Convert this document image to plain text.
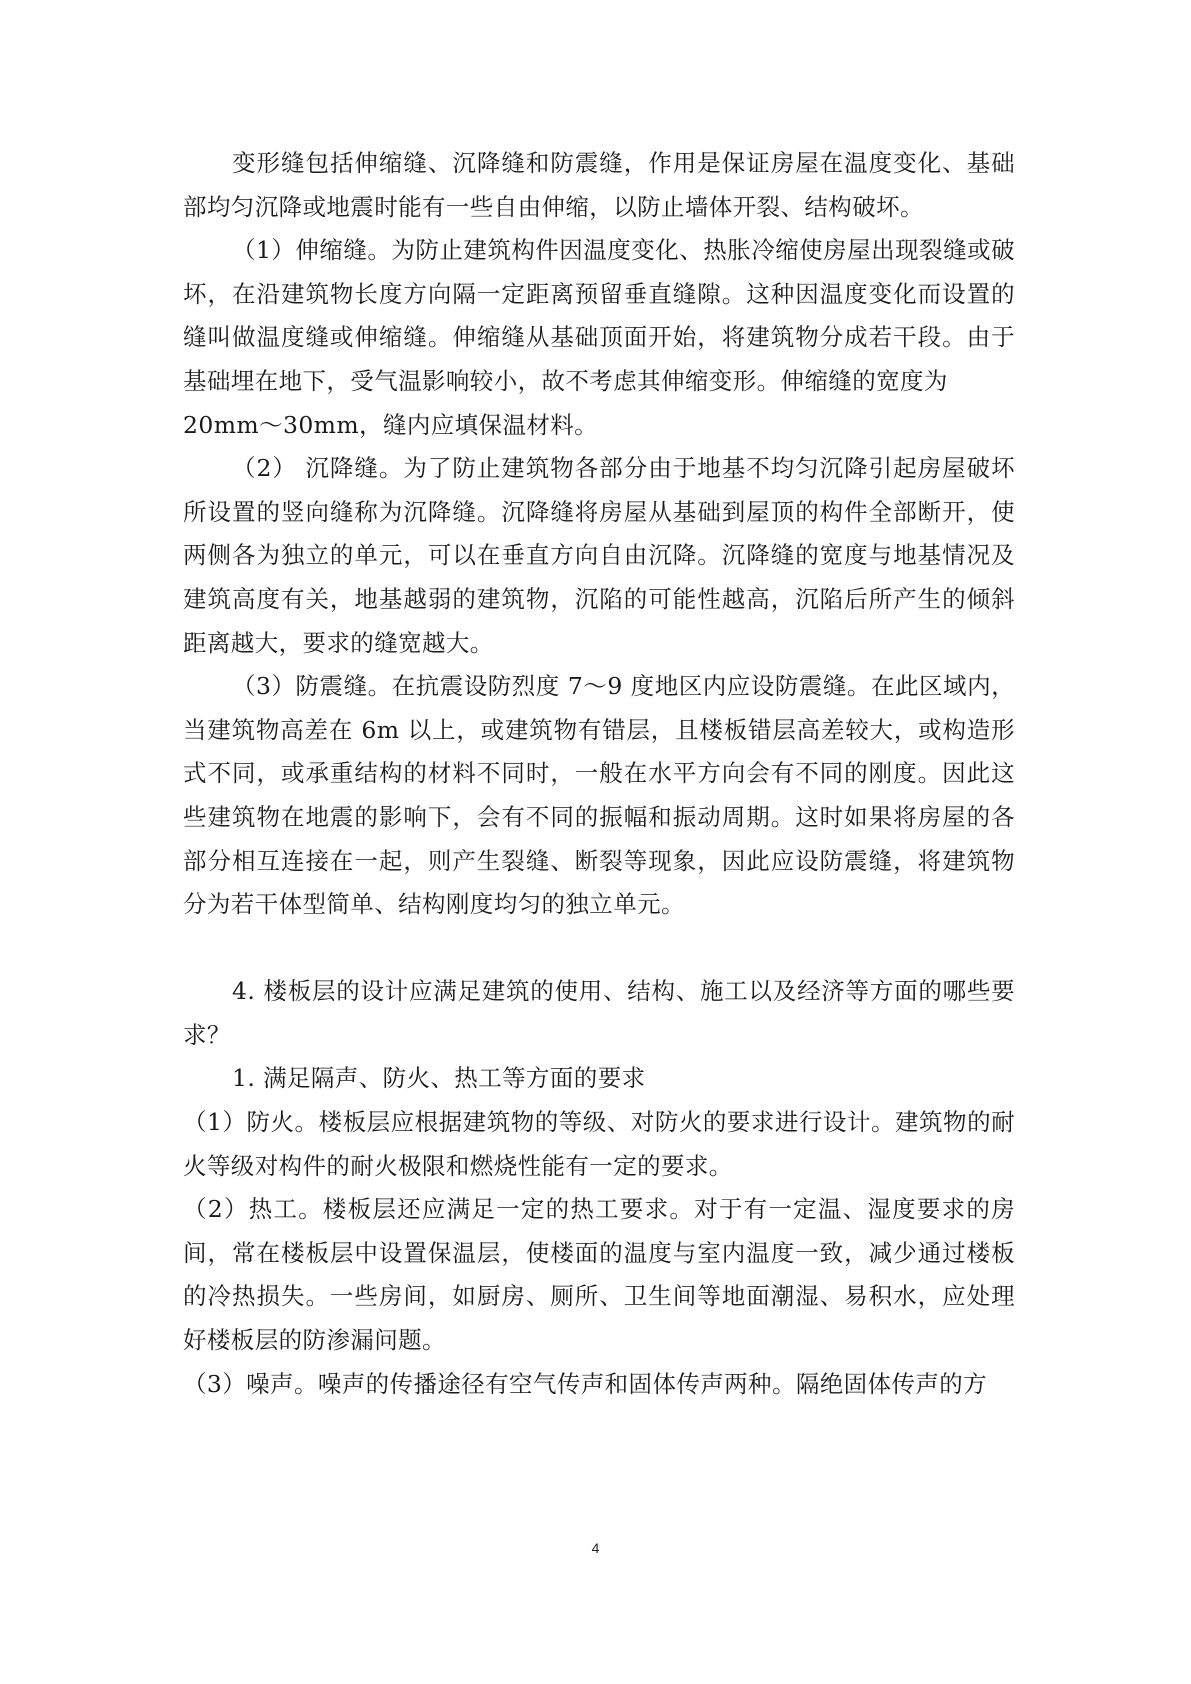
变形缝包括伸缩缝、沉降缝和防震缝，作用是保证房屋在温度变化、基础部均匀沉降或地震时能有一些自由伸缩，以防止墙体开裂、结构破坏。

（1）伸缩缝。为防止建筑构件因温度变化、热胀冷缩使房屋出现裂缝或破坏，在沿建筑物长度方向隔一定距离预留垂直缝隙。这种因温度变化而设置的缝叫做温度缝或伸缩缝。伸缩缝从基础顶面开始，将建筑物分成若干段。由于基础埋在地下，受气温影响较小，故不考虑其伸缩变形。伸缩缝的宽度为

20mm～30mm，缝内应填保温材料。

（2） 沉降缝。为了防止建筑物各部分由于地基不均匀沉降引起房屋破坏所设置的竖向缝称为沉降缝。沉降缝将房屋从基础到屋顶的构件全部断开，使两侧各为独立的单元，可以在垂直方向自由沉降。沉降缝的宽度与地基情况及建筑高度有关，地基越弱的建筑物，沉陷的可能性越高，沉陷后所产生的倾斜距离越大，要求的缝宽越大。

（3）防震缝。在抗震设防烈度 7～9 度地区内应设防震缝。在此区域内，当建筑物高差在 6m 以上，或建筑物有错层，且楼板错层高差较大，或构造形式不同，或承重结构的材料不同时，一般在水平方向会有不同的刚度。因此这些建筑物在地震的影响下，会有不同的振幅和振动周期。这时如果将房屋的各部分相互连接在一起，则产生裂缝、断裂等现象，因此应设防震缝，将建筑物分为若干体型简单、结构刚度均匀的独立单元。

4. 楼板层的设计应满足建筑的使用、结构、施工以及经济等方面的哪些要求？

1. 满足隔声、防火、热工等方面的要求

（1）防火。楼板层应根据建筑物的等级、对防火的要求进行设计。建筑物的耐火等级对构件的耐火极限和燃烧性能有一定的要求。

（2）热工。楼板层还应满足一定的热工要求。对于有一定温、湿度要求的房间，常在楼板层中设置保温层，使楼面的温度与室内温度一致，减少通过楼板的冷热损失。一些房间，如厨房、厕所、卫生间等地面潮湿、易积水，应处理好楼板层的防渗漏问题。

（3）噪声。噪声的传播途径有空气传声和固体传声两种。隔绝固体传声的方

4
